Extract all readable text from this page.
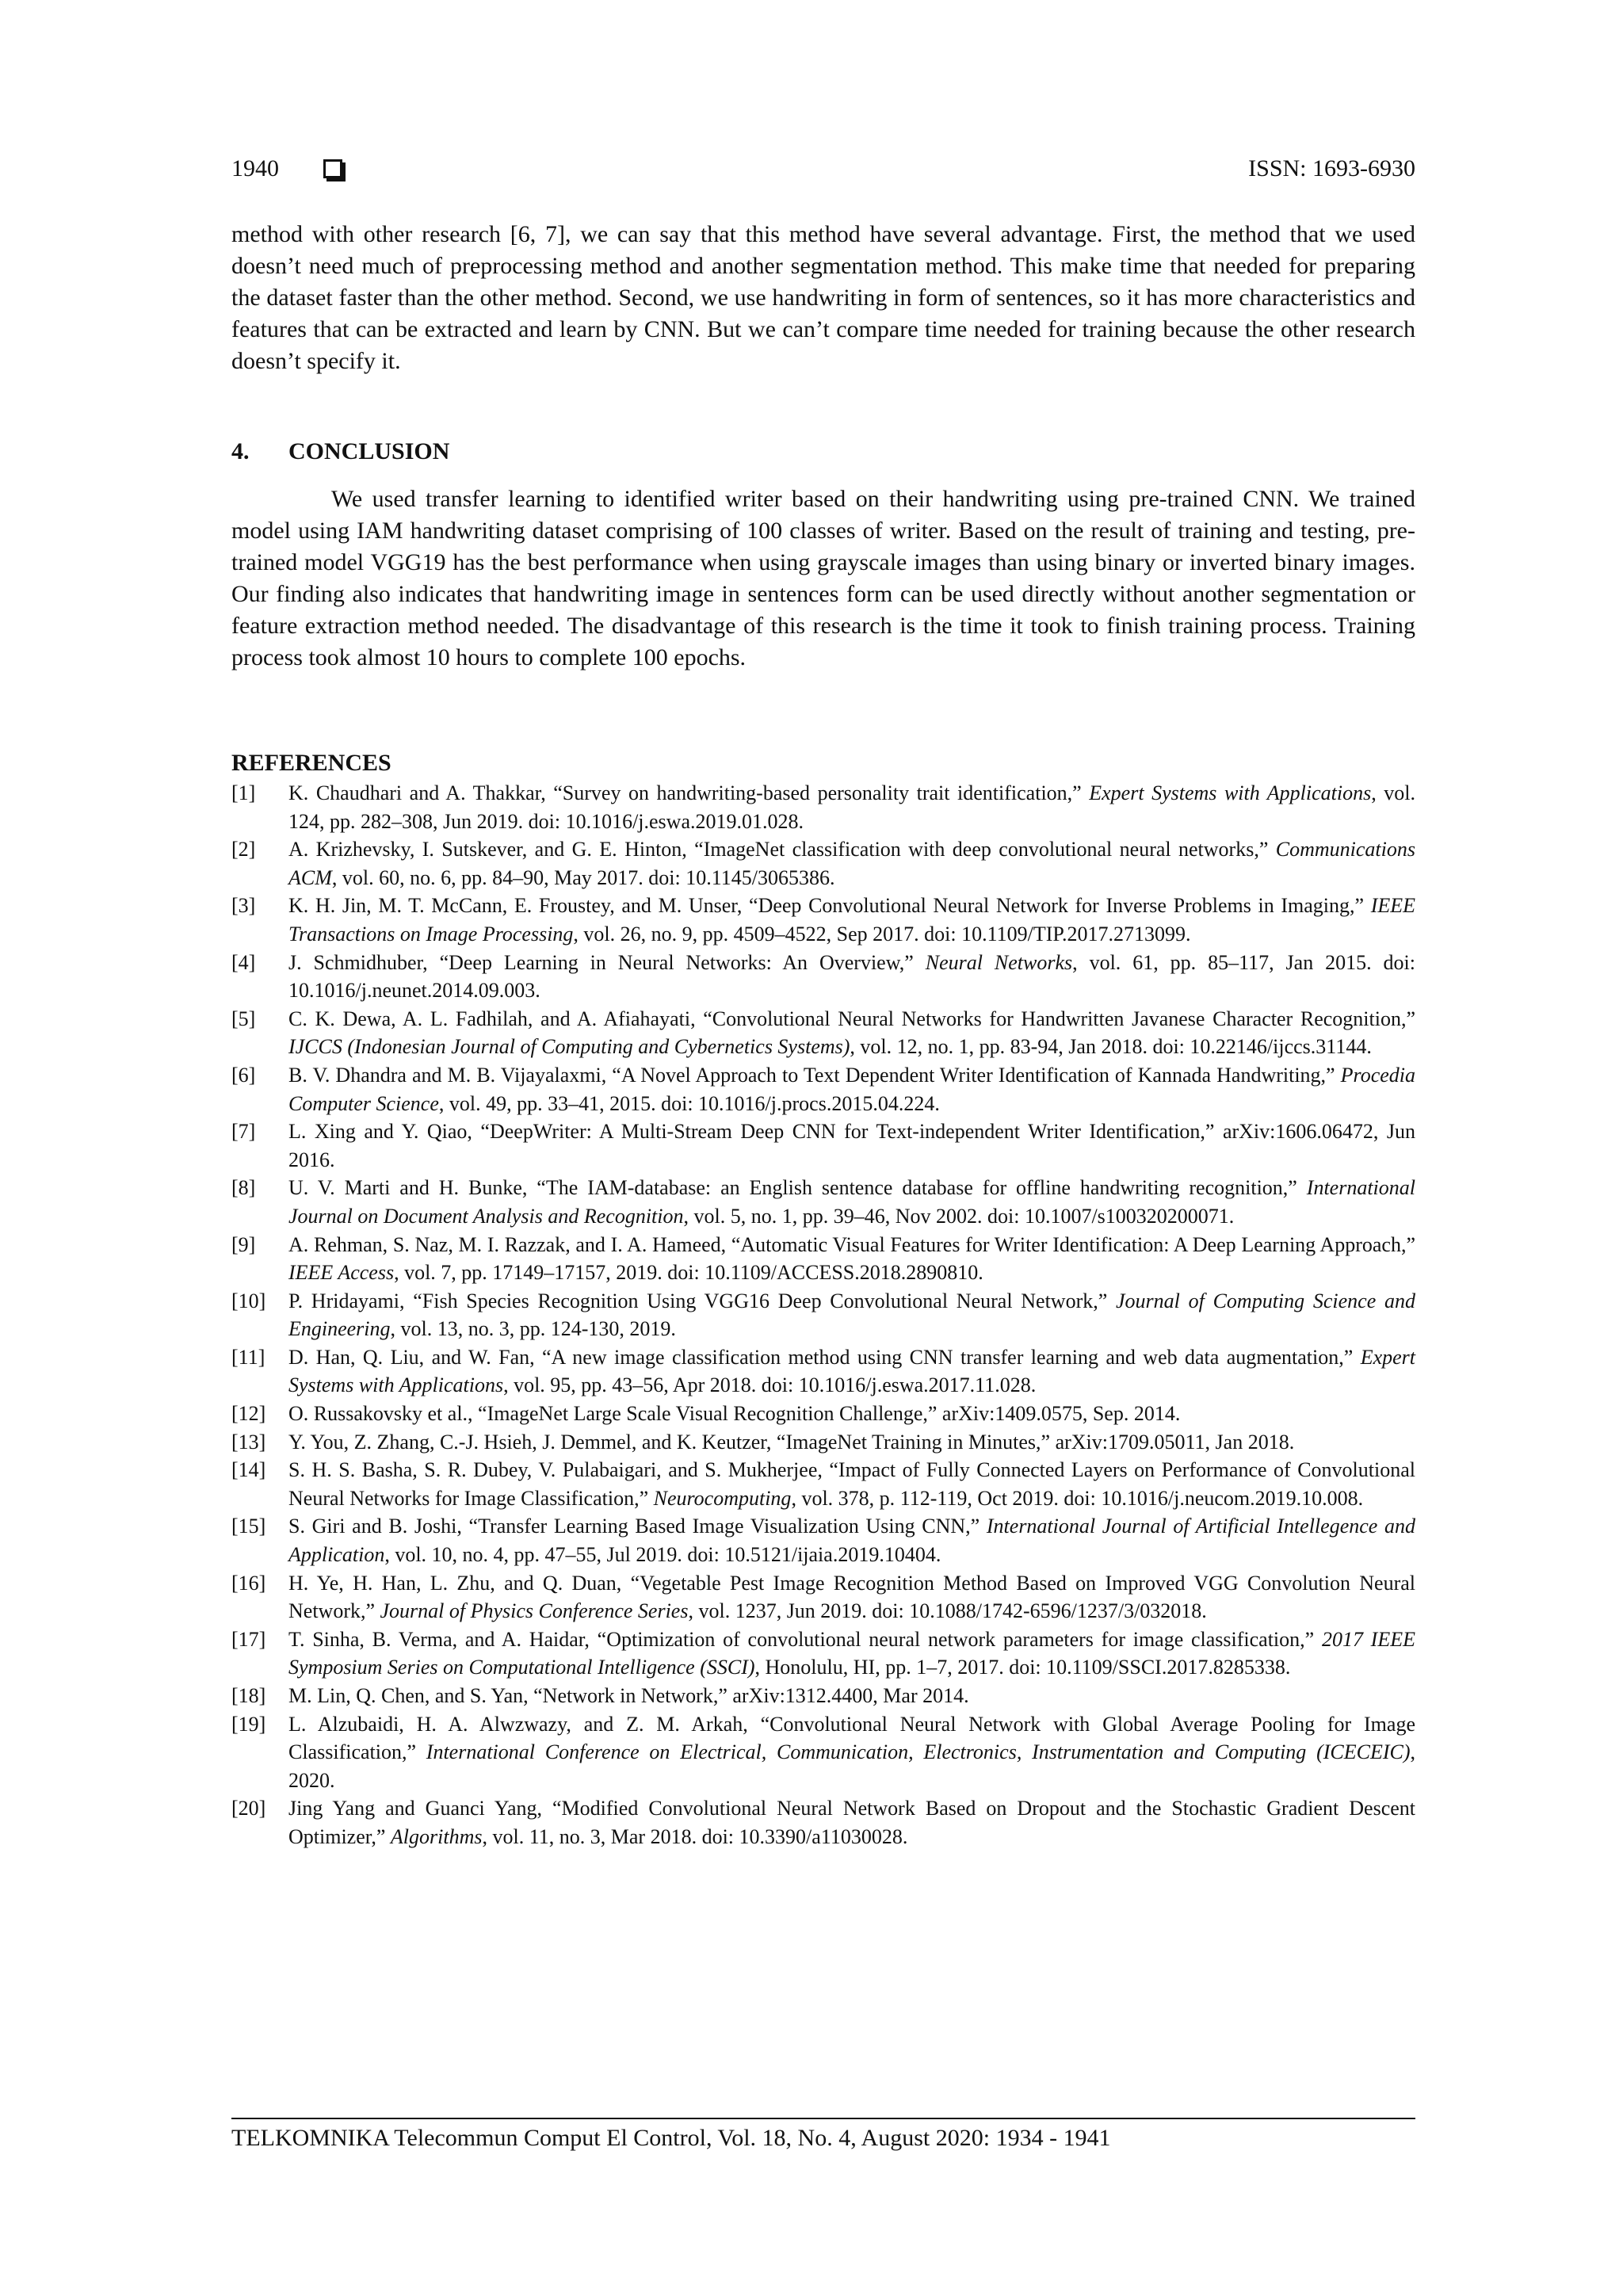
1940	ISSN: 1693-6930

method with other research [6, 7], we can say that this method have several advantage. First, the method that we used doesn’t need much of preprocessing method and another segmentation method. This make time that needed for preparing the dataset faster than the other method. Second, we use handwriting in form of sentences, so it has more characteristics and features that can be extracted and learn by CNN. But we can’t compare time needed for training because the other research doesn’t specify it.

4. CONCLUSION

We used transfer learning to identified writer based on their handwriting using pre-trained CNN. We trained model using IAM handwriting dataset comprising of 100 classes of writer. Based on the result of training and testing, pre-trained model VGG19 has the best performance when using grayscale images than using binary or inverted binary images. Our finding also indicates that handwriting image in sentences form can be used directly without another segmentation or feature extraction method needed. The disadvantage of this research is the time it took to finish training process. Training process took almost 10 hours to complete 100 epochs.

REFERENCES
[1]	K. Chaudhari and A. Thakkar, “Survey on handwriting-based personality trait identification,” Expert Systems with Applications, vol. 124, pp. 282–308, Jun 2019. doi: 10.1016/j.eswa.2019.01.028.
[2]	A. Krizhevsky, I. Sutskever, and G. E. Hinton, “ImageNet classification with deep convolutional neural networks,” Communications ACM, vol. 60, no. 6, pp. 84–90, May 2017. doi: 10.1145/3065386.
[3]	K. H. Jin, M. T. McCann, E. Froustey, and M. Unser, “Deep Convolutional Neural Network for Inverse Problems in Imaging,” IEEE Transactions on Image Processing, vol. 26, no. 9, pp. 4509–4522, Sep 2017. doi: 10.1109/TIP.2017.2713099.
[4]	J. Schmidhuber, “Deep Learning in Neural Networks: An Overview,” Neural Networks, vol. 61, pp. 85–117, Jan 2015. doi: 10.1016/j.neunet.2014.09.003.
[5]	C. K. Dewa, A. L. Fadhilah, and A. Afiahayati, “Convolutional Neural Networks for Handwritten Javanese Character Recognition,” IJCCS (Indonesian Journal of Computing and Cybernetics Systems), vol. 12, no. 1, pp. 83-94, Jan 2018. doi: 10.22146/ijccs.31144.
[6]	B. V. Dhandra and M. B. Vijayalaxmi, “A Novel Approach to Text Dependent Writer Identification of Kannada Handwriting,” Procedia Computer Science, vol. 49, pp. 33–41, 2015. doi: 10.1016/j.procs.2015.04.224.
[7]	L. Xing and Y. Qiao, “DeepWriter: A Multi-Stream Deep CNN for Text-independent Writer Identification,” arXiv:1606.06472, Jun 2016.
[8]	U. V. Marti and H. Bunke, “The IAM-database: an English sentence database for offline handwriting recognition,” International Journal on Document Analysis and Recognition, vol. 5, no. 1, pp. 39–46, Nov 2002. doi: 10.1007/s100320200071.
[9]	A. Rehman, S. Naz, M. I. Razzak, and I. A. Hameed, “Automatic Visual Features for Writer Identification: A Deep Learning Approach,” IEEE Access, vol. 7, pp. 17149–17157, 2019. doi: 10.1109/ACCESS.2018.2890810.
[10]	P. Hridayami, “Fish Species Recognition Using VGG16 Deep Convolutional Neural Network,” Journal of Computing Science and Engineering, vol. 13, no. 3, pp. 124-130, 2019.
[11]	D. Han, Q. Liu, and W. Fan, “A new image classification method using CNN transfer learning and web data augmentation,” Expert Systems with Applications, vol. 95, pp. 43–56, Apr 2018. doi: 10.1016/j.eswa.2017.11.028.
[12]	O. Russakovsky et al., “ImageNet Large Scale Visual Recognition Challenge,” arXiv:1409.0575, Sep. 2014.
[13]	Y. You, Z. Zhang, C.-J. Hsieh, J. Demmel, and K. Keutzer, “ImageNet Training in Minutes,” arXiv:1709.05011, Jan 2018.
[14]	S. H. S. Basha, S. R. Dubey, V. Pulabaigari, and S. Mukherjee, “Impact of Fully Connected Layers on Performance of Convolutional Neural Networks for Image Classification,” Neurocomputing, vol. 378, p. 112-119, Oct 2019. doi: 10.1016/j.neucom.2019.10.008.
[15]	S. Giri and B. Joshi, “Transfer Learning Based Image Visualization Using CNN,” International Journal of Artificial Intellegence and Application, vol. 10, no. 4, pp. 47–55, Jul 2019. doi: 10.5121/ijaia.2019.10404.
[16]	H. Ye, H. Han, L. Zhu, and Q. Duan, “Vegetable Pest Image Recognition Method Based on Improved VGG Convolution Neural Network,” Journal of Physics Conference Series, vol. 1237, Jun 2019. doi: 10.1088/1742-6596/1237/3/032018.
[17]	T. Sinha, B. Verma, and A. Haidar, “Optimization of convolutional neural network parameters for image classification,” 2017 IEEE Symposium Series on Computational Intelligence (SSCI), Honolulu, HI, pp. 1–7, 2017. doi: 10.1109/SSCI.2017.8285338.
[18]	M. Lin, Q. Chen, and S. Yan, “Network in Network,” arXiv:1312.4400, Mar 2014.
[19]	L. Alzubaidi, H. A. Alwzwazy, and Z. M. Arkah, “Convolutional Neural Network with Global Average Pooling for Image Classification,” International Conference on Electrical, Communication, Electronics, Instrumentation and Computing (ICECEIC), 2020.
[20]	Jing Yang and Guanci Yang, “Modified Convolutional Neural Network Based on Dropout and the Stochastic Gradient Descent Optimizer,” Algorithms, vol. 11, no. 3, Mar 2018. doi: 10.3390/a11030028.
TELKOMNIKA Telecommun Comput El Control, Vol. 18, No. 4, August 2020: 1934 - 1941
